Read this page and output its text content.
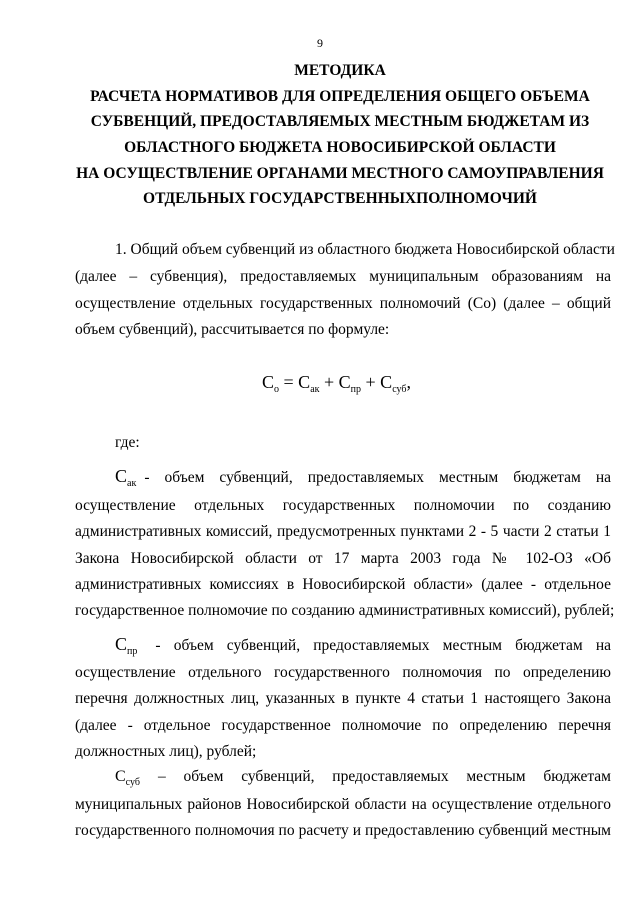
9
МЕТОДИКА
РАСЧЕТА НОРМАТИВОВ ДЛЯ ОПРЕДЕЛЕНИЯ ОБЩЕГО ОБЪЕМА
СУБВЕНЦИЙ, ПРЕДОСТАВЛЯЕМЫХ МЕСТНЫМ БЮДЖЕТАМ ИЗ
ОБЛАСТНОГО БЮДЖЕТА НОВОСИБИРСКОЙ ОБЛАСТИ
НА ОСУЩЕСТВЛЕНИЕ ОРГАНАМИ МЕСТНОГО САМОУПРАВЛЕНИЯ
ОТДЕЛЬНЫХ ГОСУДАРСТВЕННЫХПОЛНОМОЧИЙ
1. Общий объем субвенций из областного бюджета Новосибирской области
(далее – субвенция), предоставляемых муниципальным образованиям на
осуществление отдельных государственных полномочий (Со) (далее – общий
объем субвенций), рассчитывается по формуле:
$С_о = С_{ак} + С_{пр} + С_{суб}$,
где:
$С_{ак}$ - объем субвенций, предоставляемых местным бюджетам на
осуществление отдельных государственных полномочии по созданию
административных комиссий, предусмотренных пунктами 2 - 5 части 2 статьи 1
Закона Новосибирской области от 17 марта 2003 года № 102-ОЗ «Об
административных комиссиях в Новосибирской области» (далее - отдельное
государственное полномочие по созданию административных комиссий), рублей;
$С_{пр}$ - объем субвенций, предоставляемых местным бюджетам на
осуществление отдельного государственного полномочия по определению
перечня должностных лиц, указанных в пункте 4 статьи 1 настоящего Закона
(далее - отдельное государственное полномочие по определению перечня
должностных лиц), рублей;
$С_{суб}$ – объем субвенций, предоставляемых местным бюджетам
муниципальных районов Новосибирской области на осуществление отдельного
государственного полномочия по расчету и предоставлению субвенций местным
